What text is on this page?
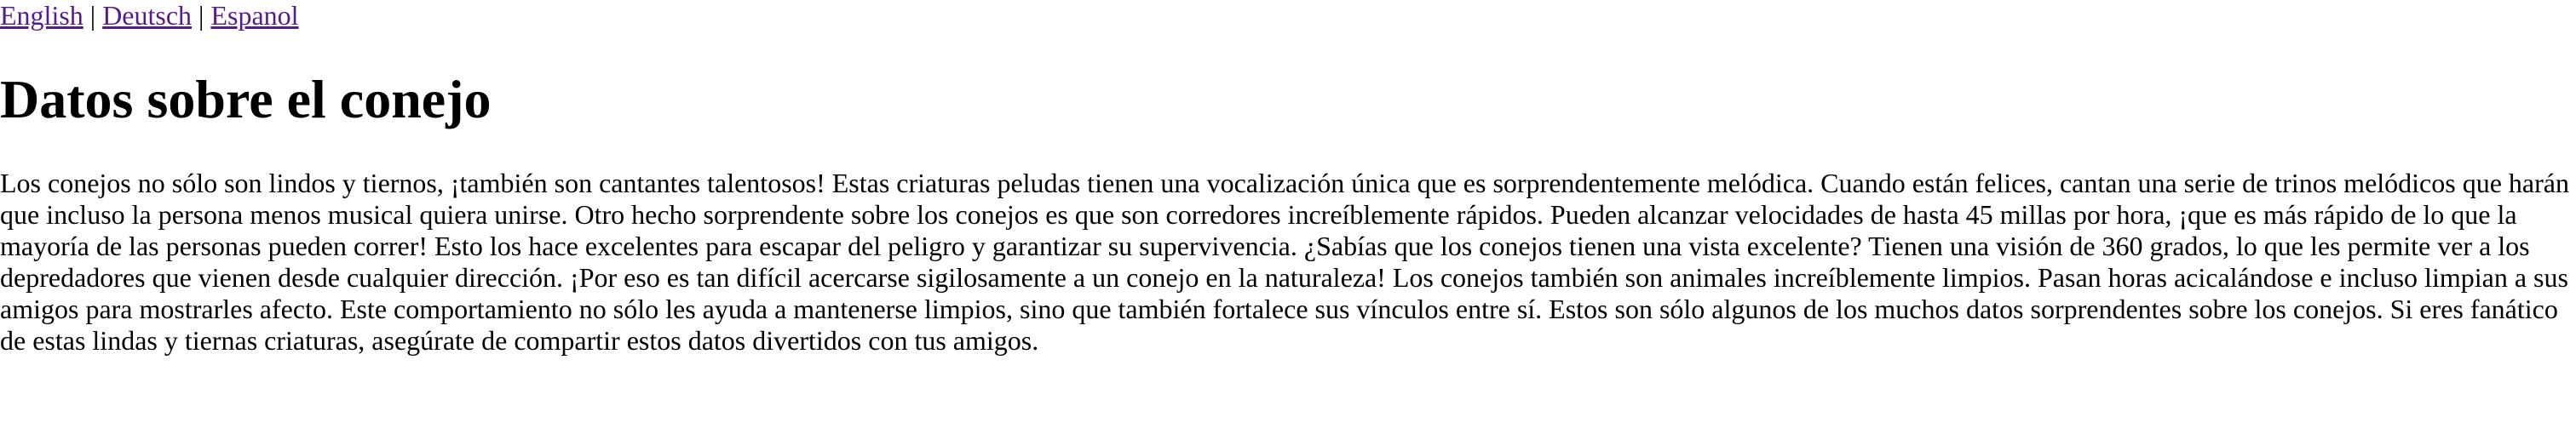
English | Deutsch | Espanol
Datos sobre el conejo

Los conejos no sólo son lindos y tiernos, ¡también son cantantes talentosos! Estas criaturas peludas tienen una vocalización única que es sorprendentemente melódica. Cuando están felices, cantan una serie de trinos melódicos que harán que incluso la persona menos musical quiera unirse. Otro hecho sorprendente sobre los conejos es que son corredores increíblemente rápidos. Pueden alcanzar velocidades de hasta 45 millas por hora, ¡que es más rápido de lo que la mayoría de las personas pueden correr! Esto los hace excelentes para escapar del peligro y garantizar su supervivencia. ¿Sabías que los conejos tienen una vista excelente? Tienen una visión de 360 grados, lo que les permite ver a los depredadores que vienen desde cualquier dirección. ¡Por eso es tan difícil acercarse sigilosamente a un conejo en la naturaleza! Los conejos también son animales increíblemente limpios. Pasan horas acicalándose e incluso limpian a sus amigos para mostrarles afecto. Este comportamiento no sólo les ayuda a mantenerse limpios, sino que también fortalece sus vínculos entre sí. Estos son sólo algunos de los muchos datos sorprendentes sobre los conejos. Si eres fanático de estas lindas y tiernas criaturas, asegúrate de compartir estos datos divertidos con tus amigos.
